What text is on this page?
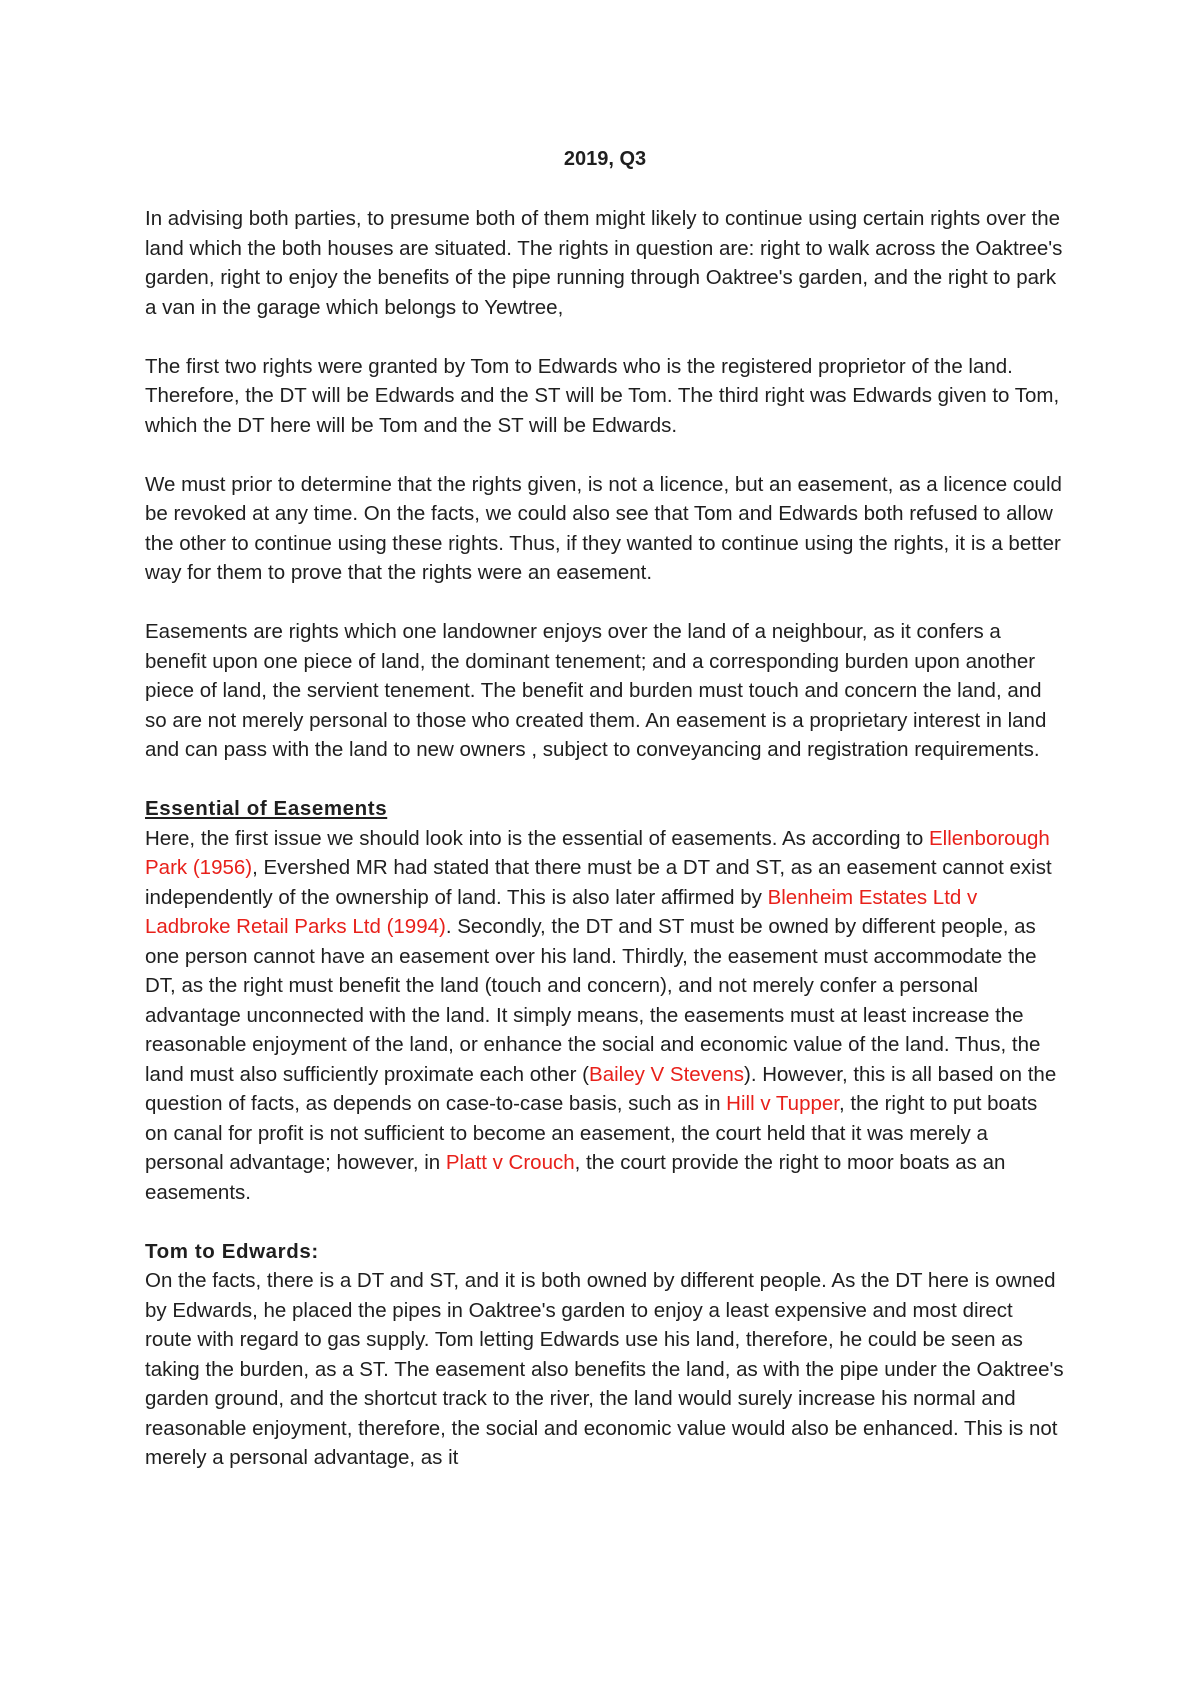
2019, Q3

In advising both parties, to presume both of them might likely to continue using certain rights over the land which the both houses are situated. The rights in question are: right to walk across the Oaktree's garden, right to enjoy the benefits of the pipe running through Oaktree's garden, and the right to park a van in the garage which belongs to Yewtree,

The first two rights were granted by Tom to Edwards who is the registered proprietor of the land. Therefore, the DT will be Edwards and the ST will be Tom. The third right was Edwards given to Tom, which the DT here will be Tom and the ST will be Edwards.

We must prior to determine that the rights given, is not a licence, but an easement, as a licence could be revoked at any time. On the facts, we could also see that Tom and Edwards both refused to allow the other to continue using these rights. Thus, if they wanted to continue using the rights, it is a better way for them to prove that the rights were an easement.

Easements are rights which one landowner enjoys over the land of a neighbour, as it confers a benefit upon one piece of land, the dominant tenement; and a corresponding burden upon another piece of land, the servient tenement. The benefit and burden must touch and concern the land, and so are not merely personal to those who created them. An easement is a proprietary interest in land and can pass with the land to new owners , subject to conveyancing and registration requirements.

Essential of Easements

Here, the first issue we should look into is the essential of easements. As according to Ellenborough Park (1956), Evershed MR had stated that there must be a DT and ST, as an easement cannot exist independently of the ownership of land. This is also later affirmed by Blenheim Estates Ltd v Ladbroke Retail Parks Ltd (1994). Secondly, the DT and ST must be owned by different people, as one person cannot have an easement over his land. Thirdly, the easement must accommodate the DT, as the right must benefit the land (touch and concern), and not merely confer a personal advantage unconnected with the land. It simply means, the easements must at least increase the reasonable enjoyment of the land, or enhance the social and economic value of the land. Thus, the land must also sufficiently proximate each other (Bailey V Stevens). However, this is all based on the question of facts, as depends on case-to-case basis, such as in Hill v Tupper, the right to put boats on canal for profit is not sufficient to become an easement, the court held that it was merely a personal advantage; however, in Platt v Crouch, the court provide the right to moor boats as an easements.

Tom to Edwards:

On the facts, there is a DT and ST, and it is both owned by different people. As the DT here is owned by Edwards, he placed the pipes in Oaktree's garden to enjoy a least expensive and most direct route with regard to gas supply. Tom letting Edwards use his land, therefore, he could be seen as taking the burden, as a ST. The easement also benefits the land, as with the pipe under the Oaktree's garden ground, and the shortcut track to the river, the land would surely increase his normal and reasonable enjoyment, therefore, the social and economic value would also be enhanced. This is not merely a personal advantage, as it
